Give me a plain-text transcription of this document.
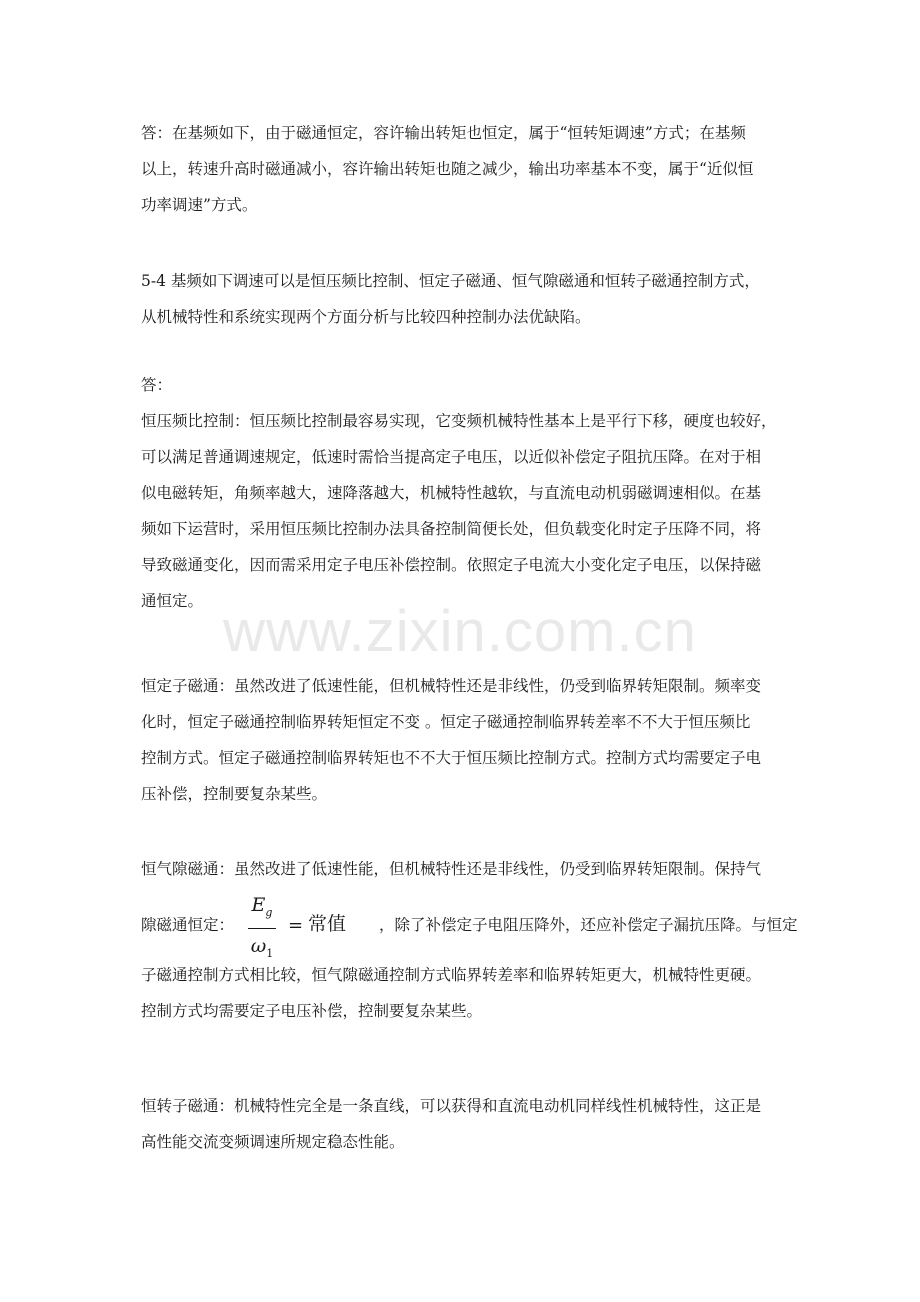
www.zixin.com.cn
答：在基频如下，由于磁通恒定，容许输出转矩也恒定，属于“恒转矩调速”方式；在基频
以上，转速升高时磁通减小，容许输出转矩也随之减少，输出功率基本不变，属于“近似恒
功率调速”方式。
5-4 基频如下调速可以是恒压频比控制、恒定子磁通、恒气隙磁通和恒转子磁通控制方式，
从机械特性和系统实现两个方面分析与比较四种控制办法优缺陷。
答：
恒压频比控制：恒压频比控制最容易实现，它变频机械特性基本上是平行下移，硬度也较好，
可以满足普通调速规定，低速时需恰当提高定子电压，以近似补偿定子阻抗压降。在对于相
似电磁转矩，角频率越大，速降落越大，机械特性越软，与直流电动机弱磁调速相似。在基
频如下运营时，采用恒压频比控制办法具备控制简便长处，但负载变化时定子压降不同，将
导致磁通变化，因而需采用定子电压补偿控制。依照定子电流大小变化定子电压，以保持磁
通恒定。
恒定子磁通：虽然改进了低速性能，但机械特性还是非线性，仍受到临界转矩限制。频率变
化时，恒定子磁通控制临界转矩恒定不变 。恒定子磁通控制临界转差率不不大于恒压频比
控制方式。恒定子磁通控制临界转矩也不不大于恒压频比控制方式。控制方式均需要定子电
压补偿，控制要复杂某些。
恒气隙磁通：虽然改进了低速性能，但机械特性还是非线性，仍受到临界转矩限制。保持气
隙磁通恒定：
$E_g$
$\omega_1$
= 常值 ，除了补偿定子电阻压降外，还应补偿定子漏抗压降。与恒定
子磁通控制方式相比较，恒气隙磁通控制方式临界转差率和临界转矩更大，机械特性更硬。
控制方式均需要定子电压补偿，控制要复杂某些。
恒转子磁通：机械特性完全是一条直线，可以获得和直流电动机同样线性机械特性，这正是
高性能交流变频调速所规定稳态性能。
